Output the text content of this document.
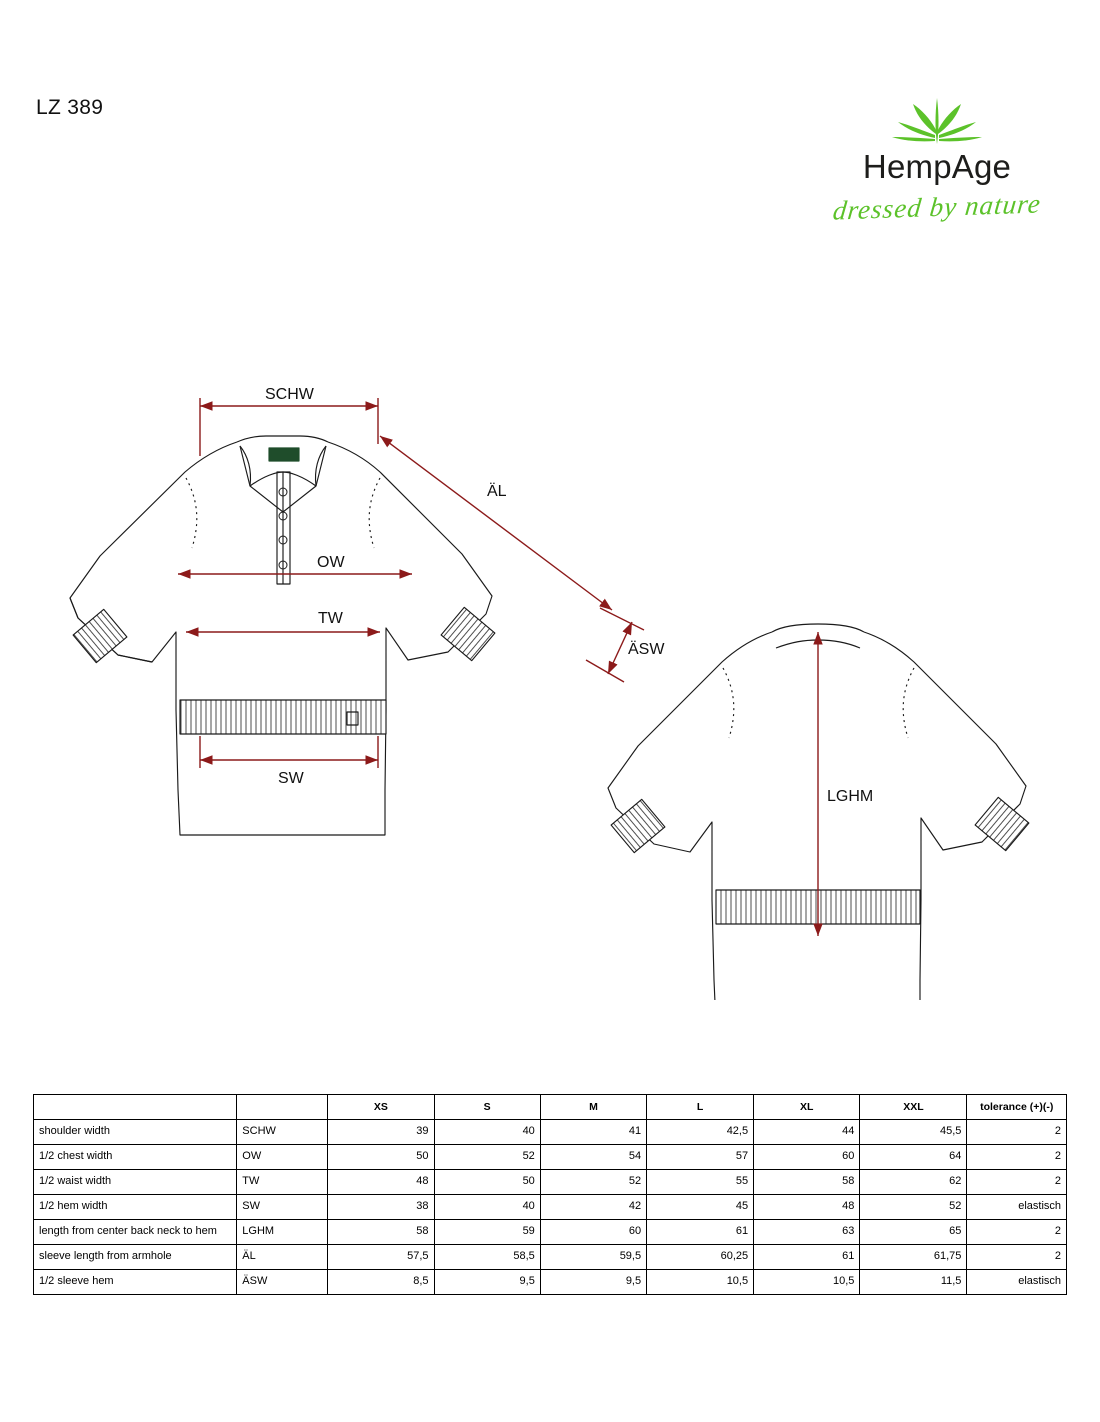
LZ 389
HempAge
dressed by nature
SCHW
OW
TW
SW
ÄL
ÄSW
LGHM
		XS	S	M	L	XL	XXL	tolerance (+)(-)
shoulder width	SCHW	39	40	41	42,5	44	45,5	2
1/2 chest width	OW	50	52	54	57	60	64	2
1/2 waist width	TW	48	50	52	55	58	62	2
1/2 hem width	SW	38	40	42	45	48	52	elastisch
length from center back neck to hem	LGHM	58	59	60	61	63	65	2
sleeve length from armhole	ÄL	57,5	58,5	59,5	60,25	61	61,75	2
1/2 sleeve hem	ÄSW	8,5	9,5	9,5	10,5	10,5	11,5	elastisch
